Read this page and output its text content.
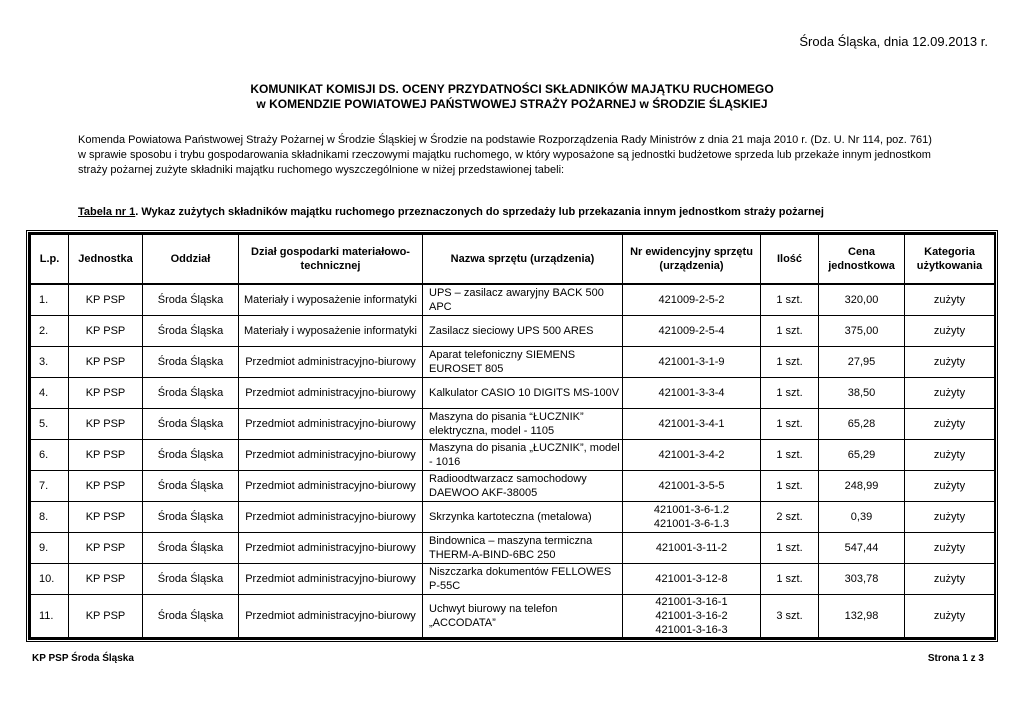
Środa Śląska, dnia 12.09.2013 r.
KOMUNIKAT KOMISJI DS. OCENY PRZYDATNOŚCI SKŁADNIKÓW MAJĄTKU RUCHOMEGO
w KOMENDZIE POWIATOWEJ PAŃSTWOWEJ STRAŻY POŻARNEJ w ŚRODZIE ŚLĄSKIEJ
Komenda Powiatowa Państwowej Straży Pożarnej w Środzie Śląskiej w Środzie na podstawie Rozporządzenia Rady Ministrów z dnia 21 maja 2010 r. (Dz. U. Nr 114, poz. 761)
w sprawie sposobu i trybu gospodarowania składnikami rzeczowymi majątku ruchomego, w który wyposażone są jednostki budżetowe sprzeda lub przekaże innym jednostkom
straży pożarnej zużyte składniki majątku ruchomego wyszczególnione w niżej przedstawionej tabeli:
Tabela nr 1. Wykaz zużytych składników majątku ruchomego przeznaczonych do sprzedaży lub przekazania innym jednostkom straży pożarnej
L.p.	Jednostka	Oddział	Dział gospodarki materiałowo-technicznej	Nazwa sprzętu (urządzenia)	Nr ewidencyjny sprzętu (urządzenia)	Ilość	Cena jednostkowa	Kategoria użytkowania
1.	KP PSP	Środa Śląska	Materiały i wyposażenie informatyki	UPS – zasilacz awaryjny BACK 500 APC	421009-2-5-2	1 szt.	320,00	zużyty
2.	KP PSP	Środa Śląska	Materiały i wyposażenie informatyki	Zasilacz sieciowy UPS 500 ARES	421009-2-5-4	1 szt.	375,00	zużyty
3.	KP PSP	Środa Śląska	Przedmiot administracyjno-biurowy	Aparat telefoniczny SIEMENS EUROSET 805	421001-3-1-9	1 szt.	27,95	zużyty
4.	KP PSP	Środa Śląska	Przedmiot administracyjno-biurowy	Kalkulator CASIO 10 DIGITS MS-100V	421001-3-3-4	1 szt.	38,50	zużyty
5.	KP PSP	Środa Śląska	Przedmiot administracyjno-biurowy	Maszyna do pisania “ŁUCZNIK” elektryczna, model - 1105	421001-3-4-1	1 szt.	65,28	zużyty
6.	KP PSP	Środa Śląska	Przedmiot administracyjno-biurowy	Maszyna do pisania „ŁUCZNIK”, model - 1016	421001-3-4-2	1 szt.	65,29	zużyty
7.	KP PSP	Środa Śląska	Przedmiot administracyjno-biurowy	Radioodtwarzacz samochodowy DAEWOO AKF-38005	421001-3-5-5	1 szt.	248,99	zużyty
8.	KP PSP	Środa Śląska	Przedmiot administracyjno-biurowy	Skrzynka kartoteczna (metalowa)	421001-3-6-1.2
421001-3-6-1.3	2 szt.	0,39	zużyty
9.	KP PSP	Środa Śląska	Przedmiot administracyjno-biurowy	Bindownica – maszyna termiczna THERM-A-BIND-6BC 250	421001-3-11-2	1 szt.	547,44	zużyty
10.	KP PSP	Środa Śląska	Przedmiot administracyjno-biurowy	Niszczarka dokumentów FELLOWES P-55C	421001-3-12-8	1 szt.	303,78	zużyty
11.	KP PSP	Środa Śląska	Przedmiot administracyjno-biurowy	Uchwyt biurowy na telefon „ACCODATA”	421001-3-16-1
421001-3-16-2
421001-3-16-3	3 szt.	132,98	zużyty
KP PSP Środa Śląska	Strona 1 z 3
